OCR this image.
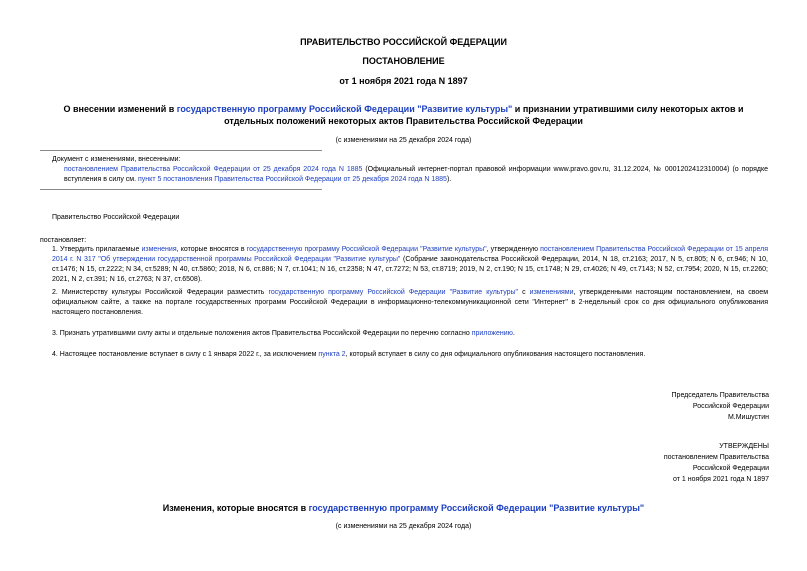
ПРАВИТЕЛЬСТВО РОССИЙСКОЙ ФЕДЕРАЦИИ
ПОСТАНОВЛЕНИЕ
от 1 ноября 2021 года N 1897
О внесении изменений в государственную программу Российской Федерации "Развитие культуры" и признании утратившими силу некоторых актов и отдельных положений некоторых актов Правительства Российской Федерации
(с изменениями на 25 декабря 2024 года)
Документ с изменениями, внесенными:
постановлением Правительства Российской Федерации от 25 декабря 2024 года N 1885 (Официальный интернет-портал правовой информации www.pravo.gov.ru, 31.12.2024, № 0001202412310004) (о порядке вступления в силу см. пункт 5 постановления Правительства Российской Федерации от 25 декабря 2024 года N 1885).
Правительство Российской Федерации
постановляет:
1. Утвердить прилагаемые изменения, которые вносятся в государственную программу Российской Федерации "Развитие культуры", утвержденную постановлением Правительства Российской Федерации от 15 апреля 2014 г. N 317 "Об утверждении государственной программы Российской Федерации "Развитие культуры" (Собрание законодательства Российской Федерации, 2014, N 18, ст.2163; 2017, N 5, ст.805; N 6, ст.946; N 10, ст.1476; N 15, ст.2222; N 34, ст.5289; N 40, ст.5860; 2018, N 6, ст.886; N 7, ст.1041; N 16, ст.2358; N 47, ст.7272; N 53, ст.8719; 2019, N 2, ст.190; N 15, ст.1748; N 29, ст.4026; N 49, ст.7143; N 52, ст.7954; 2020, N 15, ст.2260; 2021, N 2, ст.391; N 16, ст.2763; N 37, ст.6508).
2. Министерству культуры Российской Федерации разместить государственную программу Российской Федерации "Развитие культуры" с изменениями, утвержденными настоящим постановлением, на своем официальном сайте, а также на портале государственных программ Российской Федерации в информационно-телекоммуникационной сети "Интернет" в 2-недельный срок со дня официального опубликования настоящего постановления.
3. Признать утратившими силу акты и отдельные положения актов Правительства Российской Федерации по перечню согласно приложению.
4. Настоящее постановление вступает в силу с 1 января 2022 г., за исключением пункта 2, который вступает в силу со дня официального опубликования настоящего постановления.
Председатель Правительства
Российской Федерации
М.Мишустин
УТВЕРЖДЕНЫ
постановлением Правительства
Российской Федерации
от 1 ноября 2021 года N 1897
Изменения, которые вносятся в государственную программу Российской Федерации "Развитие культуры"
(с изменениями на 25 декабря 2024 года)
